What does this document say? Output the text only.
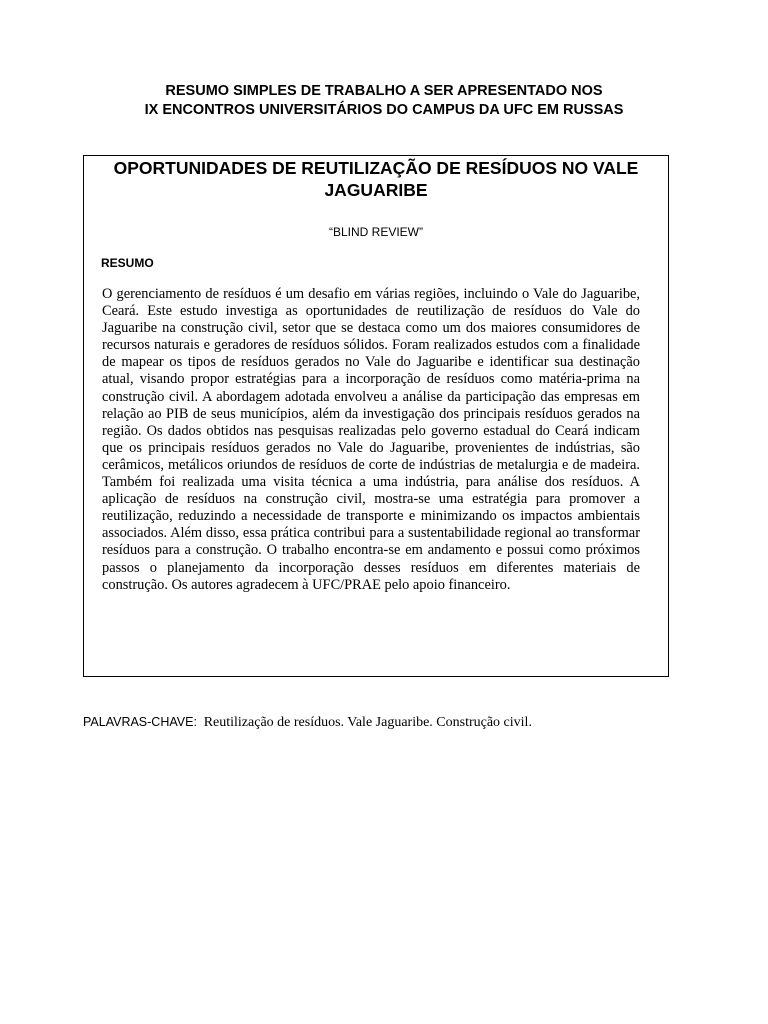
RESUMO SIMPLES DE TRABALHO A SER APRESENTADO NOS
IX ENCONTROS UNIVERSITÁRIOS DO CAMPUS DA UFC EM RUSSAS
OPORTUNIDADES DE REUTILIZAÇÃO DE RESÍDUOS NO VALE
JAGUARIBE
“BLIND REVIEW”
RESUMO

O gerenciamento de resíduos é um desafio em várias regiões, incluindo o Vale do Jaguaribe, Ceará. Este estudo investiga as oportunidades de reutilização de resíduos do Vale do Jaguaribe na construção civil, setor que se destaca como um dos maiores consumidores de recursos naturais e geradores de resíduos sólidos. Foram realizados estudos com a finalidade de mapear os tipos de resíduos gerados no Vale do Jaguaribe e identificar sua destinação atual, visando propor estratégias para a incorporação de resíduos como matéria-prima na construção civil. A abordagem adotada envolveu a análise da participação das empresas em relação ao PIB de seus municípios, além da investigação dos principais resíduos gerados na região. Os dados obtidos nas pesquisas realizadas pelo governo estadual do Ceará indicam que os principais resíduos gerados no Vale do Jaguaribe, provenientes de indústrias, são cerâmicos, metálicos oriundos de resíduos de corte de indústrias de metalurgia e de madeira. Também foi realizada uma visita técnica a uma indústria, para análise dos resíduos. A aplicação de resíduos na construção civil, mostra-se uma estratégia para promover a reutilização, reduzindo a necessidade de transporte e minimizando os impactos ambientais associados. Além disso, essa prática contribui para a sustentabilidade regional ao transformar resíduos para a construção. O trabalho encontra-se em andamento e possui como próximos passos o planejamento da incorporação desses resíduos em diferentes materiais de construção. Os autores agradecem à UFC/PRAE pelo apoio financeiro.

PALAVRAS-CHAVE: Reutilização de resíduos. Vale Jaguaribe. Construção civil.
